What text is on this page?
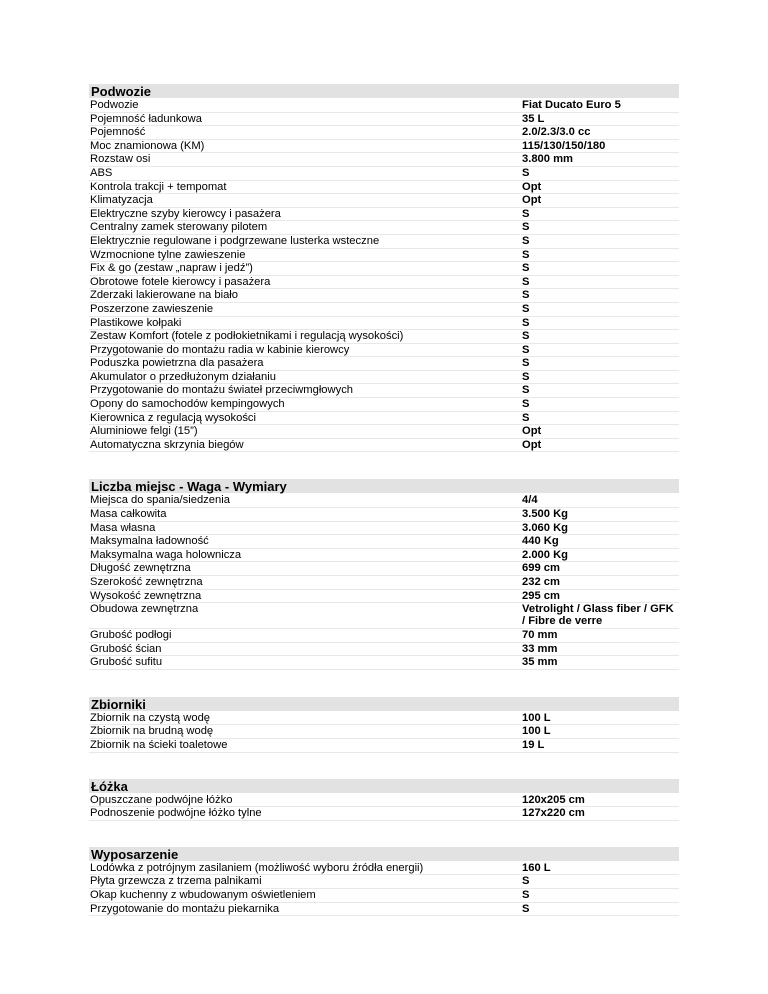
Podwozie
Podwozie	Fiat Ducato Euro 5
Pojemność ładunkowa	35 L
Pojemność	2.0/2.3/3.0 cc
Moc znamionowa (KM)	115/130/150/180
Rozstaw osi	3.800 mm
ABS	S
Kontrola trakcji + tempomat	Opt
Klimatyzacja	Opt
Elektryczne szyby kierowcy i pasażera	S
Centralny zamek sterowany pilotem	S
Elektrycznie regulowane i podgrzewane lusterka wsteczne	S
Wzmocnione tylne zawieszenie	S
Fix & go (zestaw „napraw i jedź”)	S
Obrotowe fotele kierowcy i pasażera	S
Zderzaki lakierowane na biało	S
Poszerzone zawieszenie	S
Plastikowe kołpaki	S
Zestaw Komfort (fotele z podłokietnikami i regulacją wysokości)	S
Przygotowanie do montażu radia w kabinie kierowcy	S
Poduszka powietrzna dla pasażera	S
Akumulator o przedłużonym działaniu	S
Przygotowanie do montażu świateł przeciwmgłowych	S
Opony do samochodów kempingowych	S
Kierownica z regulacją wysokości	S
Aluminiowe felgi (15”)	Opt
Automatyczna skrzynia biegów	Opt
Liczba miejsc - Waga - Wymiary
Miejsca do spania/siedzenia	4/4
Masa całkowita	3.500 Kg
Masa własna	3.060 Kg
Maksymalna ładowność	440 Kg
Maksymalna waga holownicza	2.000 Kg
Długość zewnętrzna	699 cm
Szerokość zewnętrzna	232 cm
Wysokość zewnętrzna	295 cm
Obudowa zewnętrzna	Vetrolight / Glass fiber / GFK / Fibre de verre
Grubość podłogi	70 mm
Grubość ścian	33 mm
Grubość sufitu	35 mm
Zbiorniki
Zbiornik na czystą wodę	100 L
Zbiornik na brudną wodę	100 L
Zbiornik na ścieki toaletowe	19 L
Łóżka
Opuszczane podwójne łóżko	120x205 cm
Podnoszenie podwójne łóżko tylne	127x220 cm
Wyposarzenie
Lodówka z potrójnym zasilaniem (możliwość wyboru źródła energii)	160 L
Płyta grzewcza z trzema palnikami	S
Okap kuchenny z wbudowanym oświetleniem	S
Przygotowanie do montażu piekarnika	S
